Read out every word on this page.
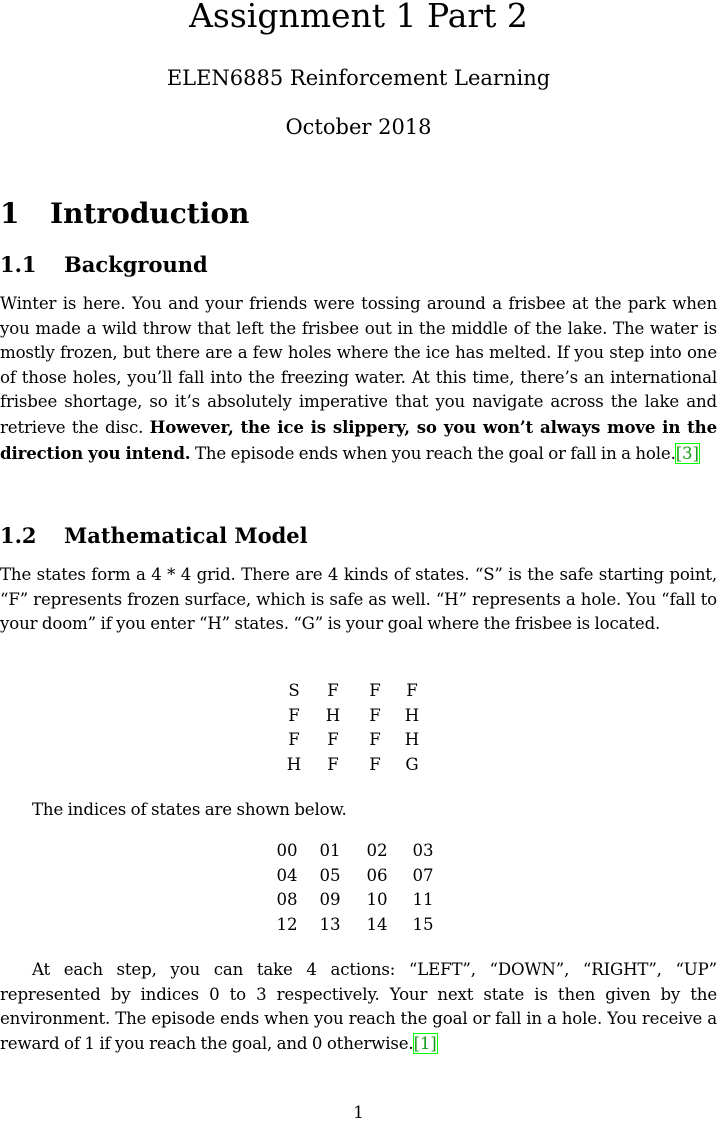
Assignment 1 Part 2
ELEN6885 Reinforcement Learning
October 2018
1 Introduction
1.1 Background

Winter is here. You and your friends were tossing around a frisbee at the park when you made a wild throw that left the frisbee out in the middle of the lake. The water is mostly frozen, but there are a few holes where the ice has melted. If you step into one of those holes, you’ll fall into the freezing water. At this time, there’s an international frisbee shortage, so it’s absolutely imperative that you navigate across the lake and retrieve the disc. However, the ice is slippery, so you won’t always move in the direction you intend. The episode ends when you reach the goal or fall in a hole.[3]

1.2 Mathematical Model

The states form a 4 * 4 grid. There are 4 kinds of states. “S” is the safe starting point, “F” represents frozen surface, which is safe as well. “H” represents a hole. You “fall to your doom” if you enter “H” states. “G” is your goal where the frisbee is located.

S	F	F	F
F	H	F	H
F	F	F	H
H	F	F	G

The indices of states are shown below.

00	01	02	03
04	05	06	07
08	09	10	11
12	13	14	15

At each step, you can take 4 actions: “LEFT”, “DOWN”, “RIGHT”, “UP” represented by indices 0 to 3 respectively. Your next state is then given by the environment. The episode ends when you reach the goal or fall in a hole. You receive a reward of 1 if you reach the goal, and 0 otherwise.[1]

1
